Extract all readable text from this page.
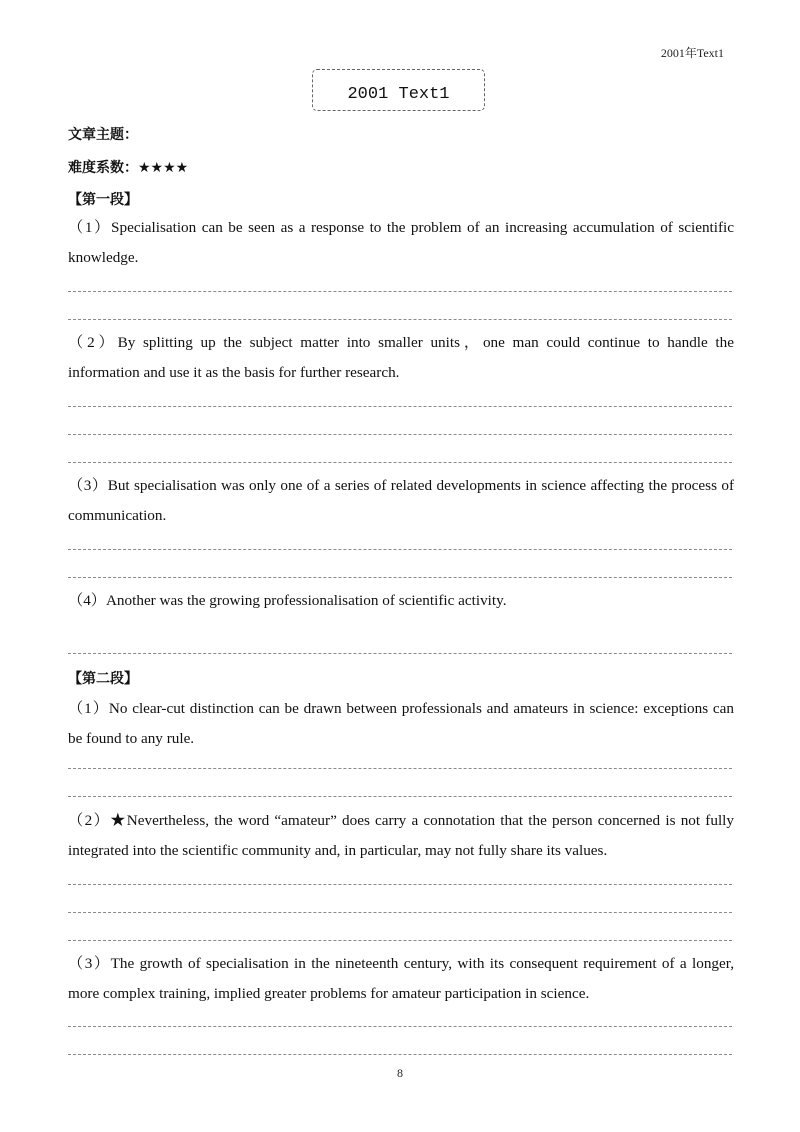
2001年Text1
2001 Text1
文章主题：
难度系数：★★★★
【第一段】
（1）Specialisation can be seen as a response to the problem of an increasing accumulation of scientific knowledge.
（2）By splitting up the subject matter into smaller units，one man could continue to handle the information and use it as the basis for further research.
（3）But specialisation was only one of a series of related developments in science affecting the process of communication.
（4）Another was the growing professionalisation of scientific activity.
【第二段】
（1）No clear-cut distinction can be drawn between professionals and amateurs in science: exceptions can be found to any rule.
（2）★Nevertheless, the word “amateur” does carry a connotation that the person concerned is not fully integrated into the scientific community and, in particular, may not fully share its values.
（3）The growth of specialisation in the nineteenth century, with its consequent requirement of a longer, more complex training, implied greater problems for amateur participation in science.
8
